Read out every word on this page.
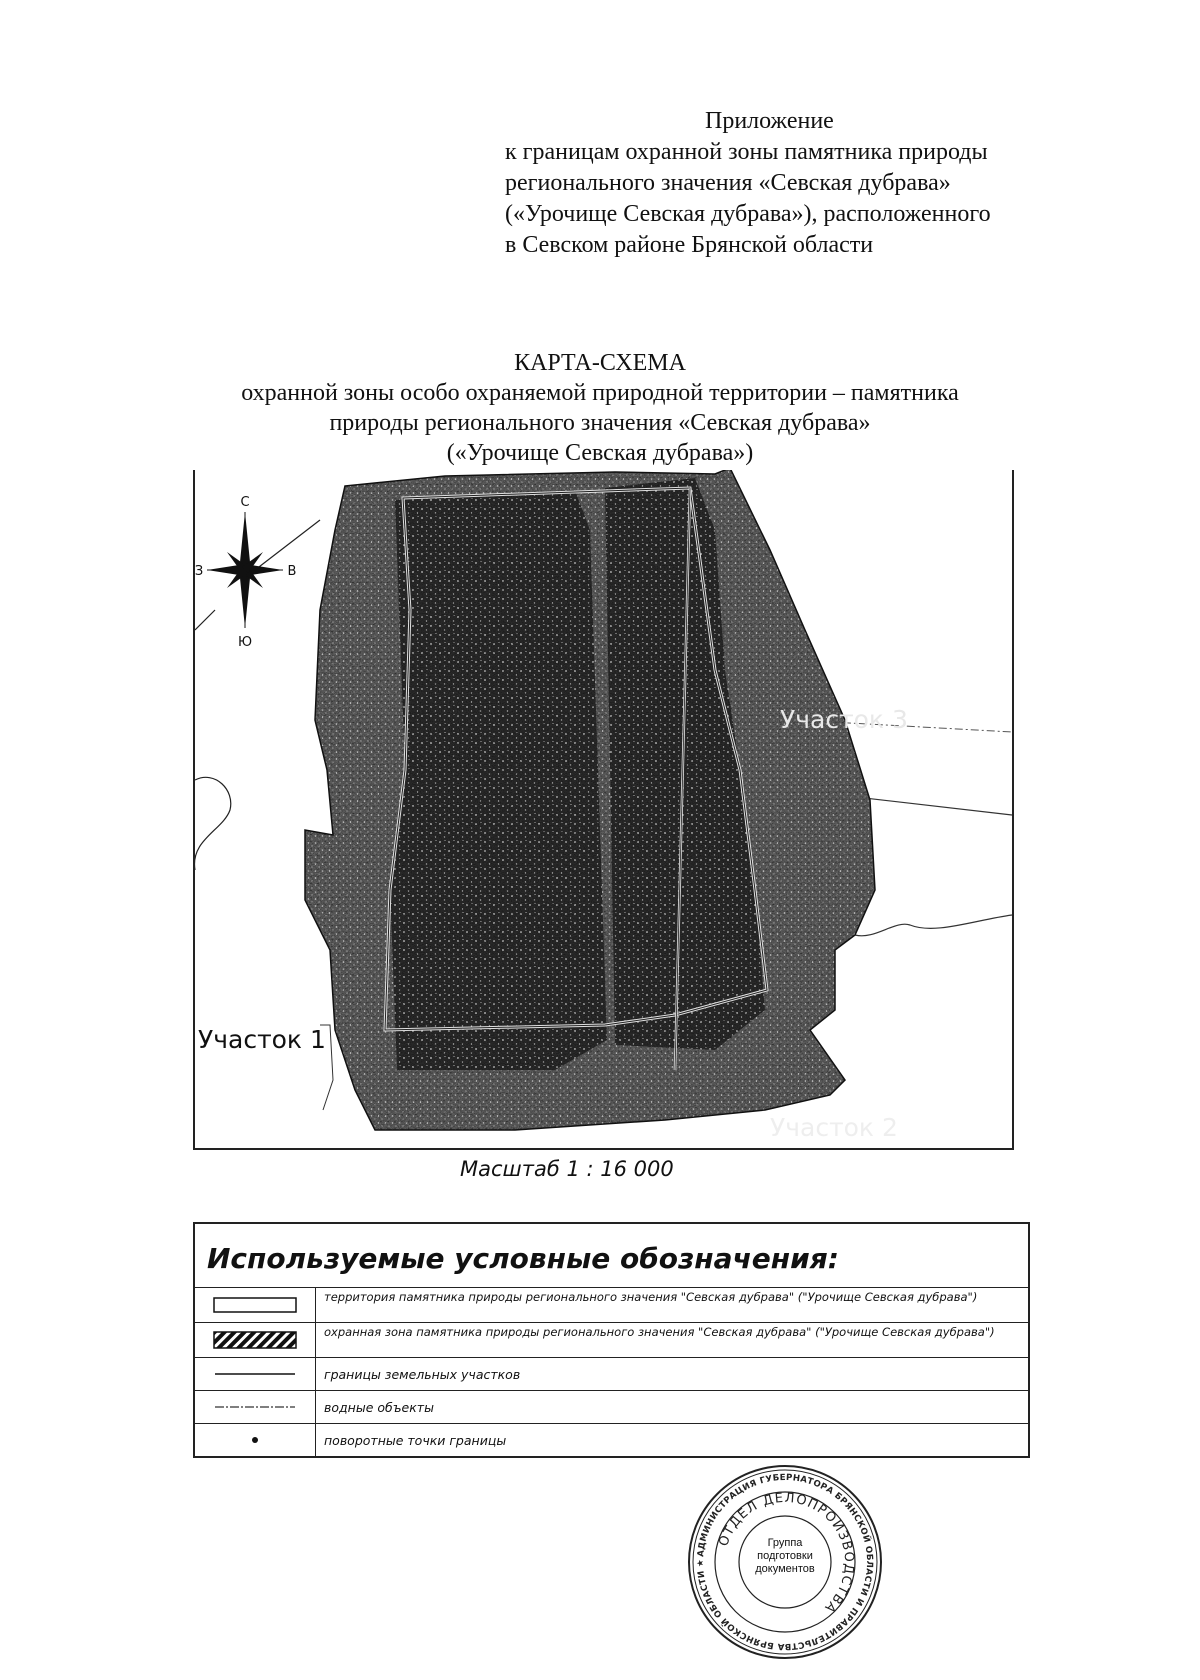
Приложение
к границам охранной зоны памятника природы
регионального значения «Севская дубрава»
(«Урочище Севская дубрава»), расположенного
в Севском районе Брянской области
КАРТА-СХЕМА
охранной зоны особо охраняемой природной территории – памятника
природы регионального значения «Севская дубрава»
(«Урочище Севская дубрава»)
С
Ю
З	В
Участок 1
Участок 2
Участок 3
Масштаб 1 : 16 000
Используемые условные обозначения:
территория памятника природы регионального значения "Севская дубрава" ("Урочище Севская дубрава")
охранная зона памятника природы регионального значения "Севская дубрава" ("Урочище Севская дубрава")
границы земельных участков
водные объекты
поворотные точки границы
АДМИНИСТРАЦИЯ ГУБЕРНАТОРА БРЯНСКОЙ ОБЛАСТИ И ПРАВИТЕЛЬСТВА БРЯНСКОЙ ОБЛАСТИ ★
ОТДЕЛ ДЕЛОПРОИЗВОДСТВА
Группа
подготовки
документов
